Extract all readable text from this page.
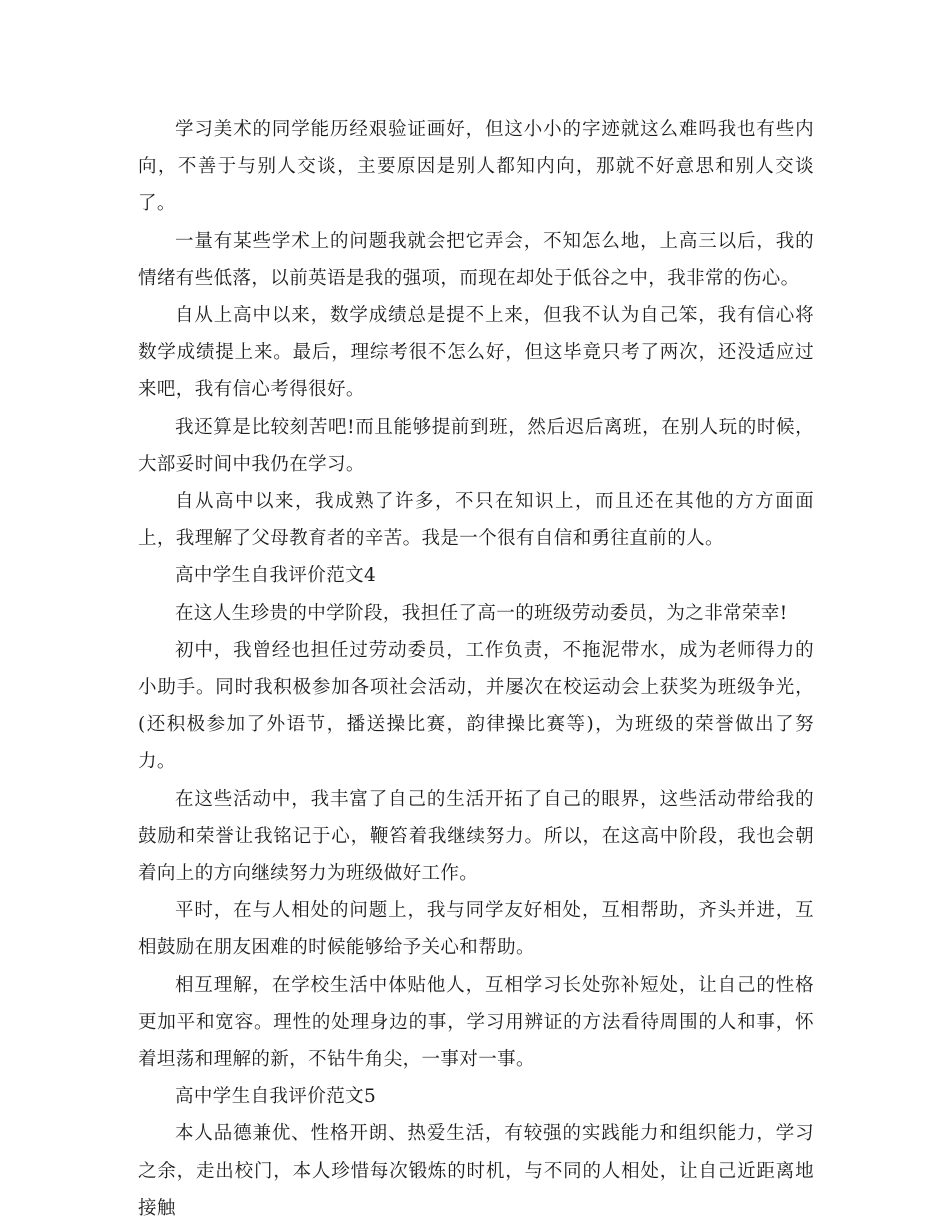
学习美术的同学能历经艰验证画好，但这小小的字迹就这么难吗我也有些内向，不善于与别人交谈，主要原因是别人都知内向，那就不好意思和别人交谈了。

一量有某些学术上的问题我就会把它弄会，不知怎么地，上高三以后，我的情绪有些低落，以前英语是我的强项，而现在却处于低谷之中，我非常的伤心。

自从上高中以来，数学成绩总是提不上来，但我不认为自己笨，我有信心将数学成绩提上来。最后，理综考很不怎么好，但这毕竟只考了两次，还没适应过来吧，我有信心考得很好。

我还算是比较刻苦吧!而且能够提前到班，然后迟后离班，在别人玩的时候，大部妥时间中我仍在学习。

自从高中以来，我成熟了许多，不只在知识上，而且还在其他的方方面面上，我理解了父母教育者的辛苦。我是一个很有自信和勇往直前的人。

高中学生自我评价范文4

在这人生珍贵的中学阶段，我担任了高一的班级劳动委员，为之非常荣幸!

初中，我曾经也担任过劳动委员，工作负责，不拖泥带水，成为老师得力的小助手。同时我积极参加各项社会活动，并屡次在校运动会上获奖为班级争光，(还积极参加了外语节，播送操比赛，韵律操比赛等)，为班级的荣誉做出了努力。

在这些活动中，我丰富了自己的生活开拓了自己的眼界，这些活动带给我的鼓励和荣誉让我铭记于心，鞭笞着我继续努力。所以，在这高中阶段，我也会朝着向上的方向继续努力为班级做好工作。

平时，在与人相处的问题上，我与同学友好相处，互相帮助，齐头并进，互相鼓励在朋友困难的时候能够给予关心和帮助。

相互理解，在学校生活中体贴他人，互相学习长处弥补短处，让自己的性格更加平和宽容。理性的处理身边的事，学习用辨证的方法看待周围的人和事，怀着坦荡和理解的新，不钻牛角尖，一事对一事。

高中学生自我评价范文5

本人品德兼优、性格开朗、热爱生活，有较强的实践能力和组织能力，学习之余，走出校门，本人珍惜每次锻炼的时机，与不同的人相处，让自己近距离地接触
